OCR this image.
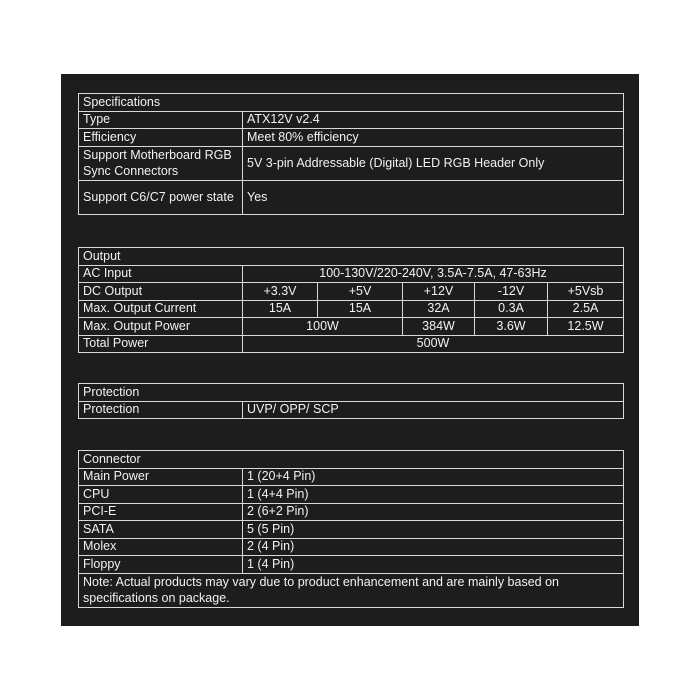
Specifications	
Type	ATX12V v2.4
Efficiency	Meet 80% efficiency
Support Motherboard RGB Sync Connectors	5V 3-pin Addressable (Digital) LED RGB Header Only
Support C6/C7 power state	Yes
Output					
AC Input	100-130V/220-240V, 3.5A-7.5A, 47-63Hz				
DC Output	+3.3V	+5V	+12V	-12V	+5Vsb
Max. Output Current	15A	15A	32A	0.3A	2.5A
Max. Output Power	100W		384W	3.6W	12.5W
Total Power	500W				
Protection
Protection	UVP/ OPP/ SCP
Connector	
Main Power	1 (20+4 Pin)
CPU	1 (4+4 Pin)
PCI-E	2 (6+2 Pin)
SATA	5 (5 Pin)
Molex	2 (4 Pin)
Floppy	1 (4 Pin)
Note: Actual products may vary due to product enhancement and are mainly based on specifications on package.	
